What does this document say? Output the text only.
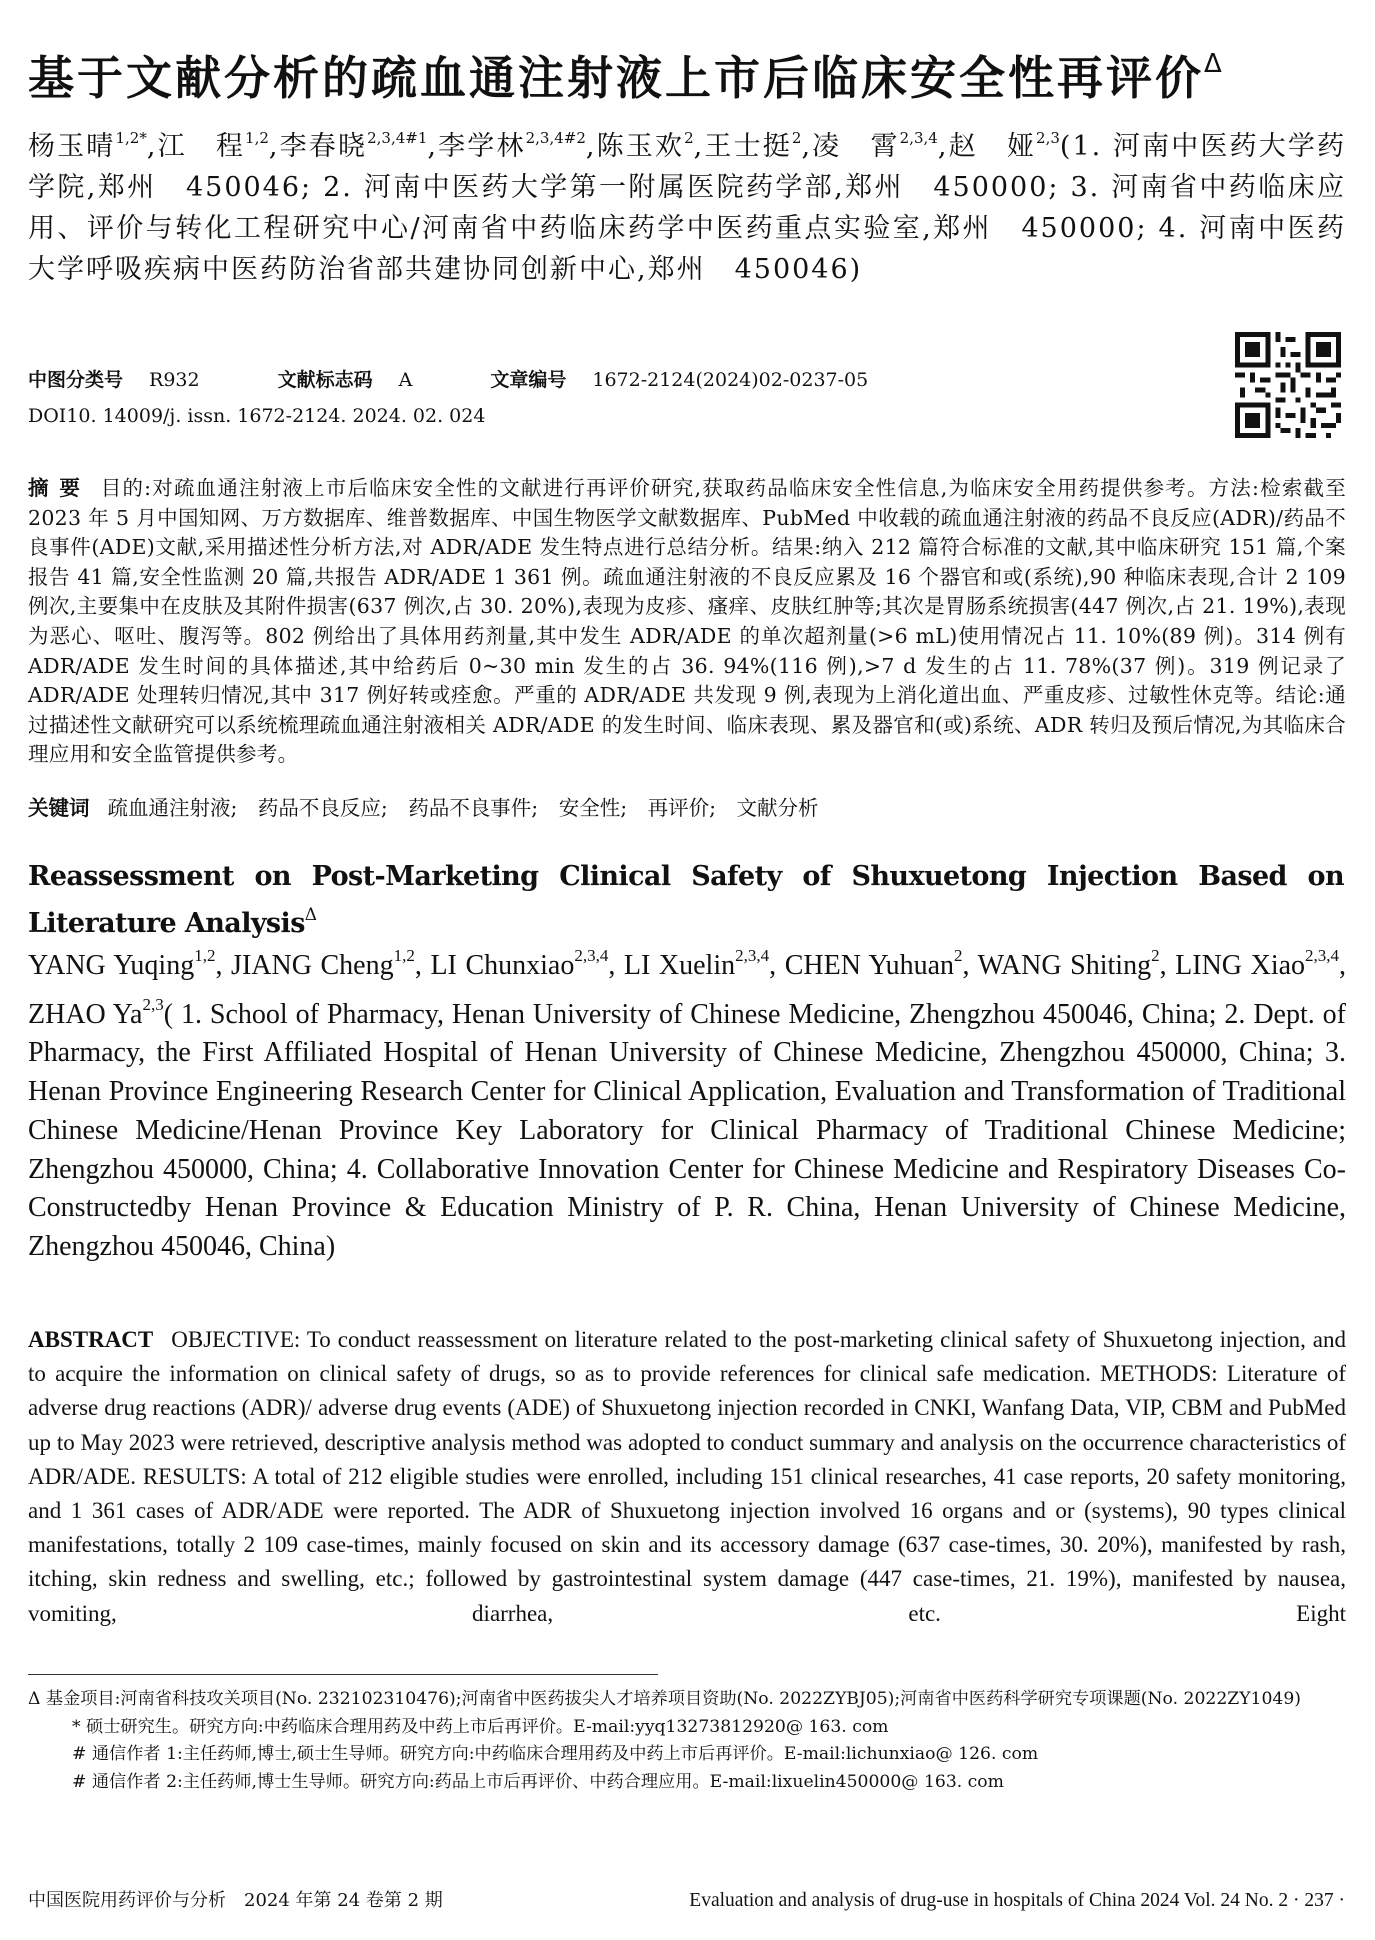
基于文献分析的疏血通注射液上市后临床安全性再评价$^\Delta$
杨玉晴$^{1,2*}$,江　程$^{1,2}$,李春晓$^{2,3,4\#1}$,李学林$^{2,3,4\#2}$,陈玉欢$^2$,王士挺$^2$,凌　霄$^{2,3,4}$,赵　娅$^{2,3}$(1. 河南中医药大学药学院,郑州　450046; 2. 河南中医药大学第一附属医院药学部,郑州　450000; 3. 河南省中药临床应用、评价与转化工程研究中心/河南省中药临床药学中医药重点实验室,郑州　450000; 4. 河南中医药大学呼吸疾病中医药防治省部共建协同创新中心,郑州　450046)
中图分类号 R932	文献标志码 A	文章编号 1672-2124(2024)02-0237-05
DOI10. 14009/j. issn. 1672-2124. 2024. 02. 024
摘要 目的:对疏血通注射液上市后临床安全性的文献进行再评价研究,获取药品临床安全性信息,为临床安全用药提供参考。方法:检索截至 2023 年 5 月中国知网、万方数据库、维普数据库、中国生物医学文献数据库、PubMed 中收载的疏血通注射液的药品不良反应(ADR)/药品不良事件(ADE)文献,采用描述性分析方法,对 ADR/ADE 发生特点进行总结分析。结果:纳入 212 篇符合标准的文献,其中临床研究 151 篇,个案报告 41 篇,安全性监测 20 篇,共报告 ADR/ADE 1 361 例。疏血通注射液的不良反应累及 16 个器官和或(系统),90 种临床表现,合计 2 109 例次,主要集中在皮肤及其附件损害(637 例次,占 30. 20%),表现为皮疹、瘙痒、皮肤红肿等;其次是胃肠系统损害(447 例次,占 21. 19%),表现为恶心、呕吐、腹泻等。802 例给出了具体用药剂量,其中发生 ADR/ADE 的单次超剂量(>6 mL)使用情况占 11. 10%(89 例)。314 例有 ADR/ADE 发生时间的具体描述,其中给药后 0~30 min 发生的占 36. 94%(116 例),>7 d 发生的占 11. 78%(37 例)。319 例记录了 ADR/ADE 处理转归情况,其中 317 例好转或痊愈。严重的 ADR/ADE 共发现 9 例,表现为上消化道出血、严重皮疹、过敏性休克等。结论:通过描述性文献研究可以系统梳理疏血通注射液相关 ADR/ADE 的发生时间、临床表现、累及器官和(或)系统、ADR 转归及预后情况,为其临床合理应用和安全监管提供参考。
关键词 疏血通注射液;　药品不良反应;　药品不良事件;　安全性;　再评价;　文献分析
Reassessment on Post-Marketing Clinical Safety of Shuxuetong Injection Based on Literature Analysis$^\Delta$
YANG Yuqing$^{1,2}$, JIANG Cheng$^{1,2}$, LI Chunxiao$^{2,3,4}$, LI Xuelin$^{2,3,4}$, CHEN Yuhuan$^2$, WANG Shiting$^2$, LING Xiao$^{2,3,4}$, ZHAO Ya$^{2,3}$( 1. School of Pharmacy, Henan University of Chinese Medicine, Zhengzhou 450046, China; 2. Dept. of Pharmacy, the First Affiliated Hospital of Henan University of Chinese Medicine, Zhengzhou 450000, China; 3. Henan Province Engineering Research Center for Clinical Application, Evaluation and Transformation of Traditional Chinese Medicine/Henan Province Key Laboratory for Clinical Pharmacy of Traditional Chinese Medicine; Zhengzhou 450000, China; 4. Collaborative Innovation Center for Chinese Medicine and Respiratory Diseases Co-Constructedby Henan Province & Education Ministry of P. R. China, Henan University of Chinese Medicine, Zhengzhou 450046, China)
ABSTRACT OBJECTIVE: To conduct reassessment on literature related to the post-marketing clinical safety of Shuxuetong injection, and to acquire the information on clinical safety of drugs, so as to provide references for clinical safe medication. METHODS: Literature of adverse drug reactions (ADR)/ adverse drug events (ADE) of Shuxuetong injection recorded in CNKI, Wanfang Data, VIP, CBM and PubMed up to May 2023 were retrieved, descriptive analysis method was adopted to conduct summary and analysis on the occurrence characteristics of ADR/ADE. RESULTS: A total of 212 eligible studies were enrolled, including 151 clinical researches, 41 case reports, 20 safety monitoring, and 1 361 cases of ADR/ADE were reported. The ADR of Shuxuetong injection involved 16 organs and or (systems), 90 types clinical manifestations, totally 2 109 case-times, mainly focused on skin and its accessory damage (637 case-times, 30. 20%), manifested by rash, itching, skin redness and swelling, etc.; followed by gastrointestinal system damage (447 case-times, 21. 19%), manifested by nausea, vomiting, diarrhea, etc. Eight
Δ 基金项目:河南省科技攻关项目(No. 232102310476);河南省中医药拔尖人才培养项目资助(No. 2022ZYBJ05);河南省中医药科学研究专项课题(No. 2022ZY1049)
* 硕士研究生。研究方向:中药临床合理用药及中药上市后再评价。E-mail:yyq13273812920@ 163. com
# 通信作者 1:主任药师,博士,硕士生导师。研究方向:中药临床合理用药及中药上市后再评价。E-mail:lichunxiao@ 126. com
# 通信作者 2:主任药师,博士生导师。研究方向:药品上市后再评价、中药合理应用。E-mail:lixuelin450000@ 163. com
中国医院用药评价与分析　2024 年第 24 卷第 2 期	Evaluation and analysis of drug-use in hospitals of China 2024 Vol. 24 No. 2 · 237 ·
